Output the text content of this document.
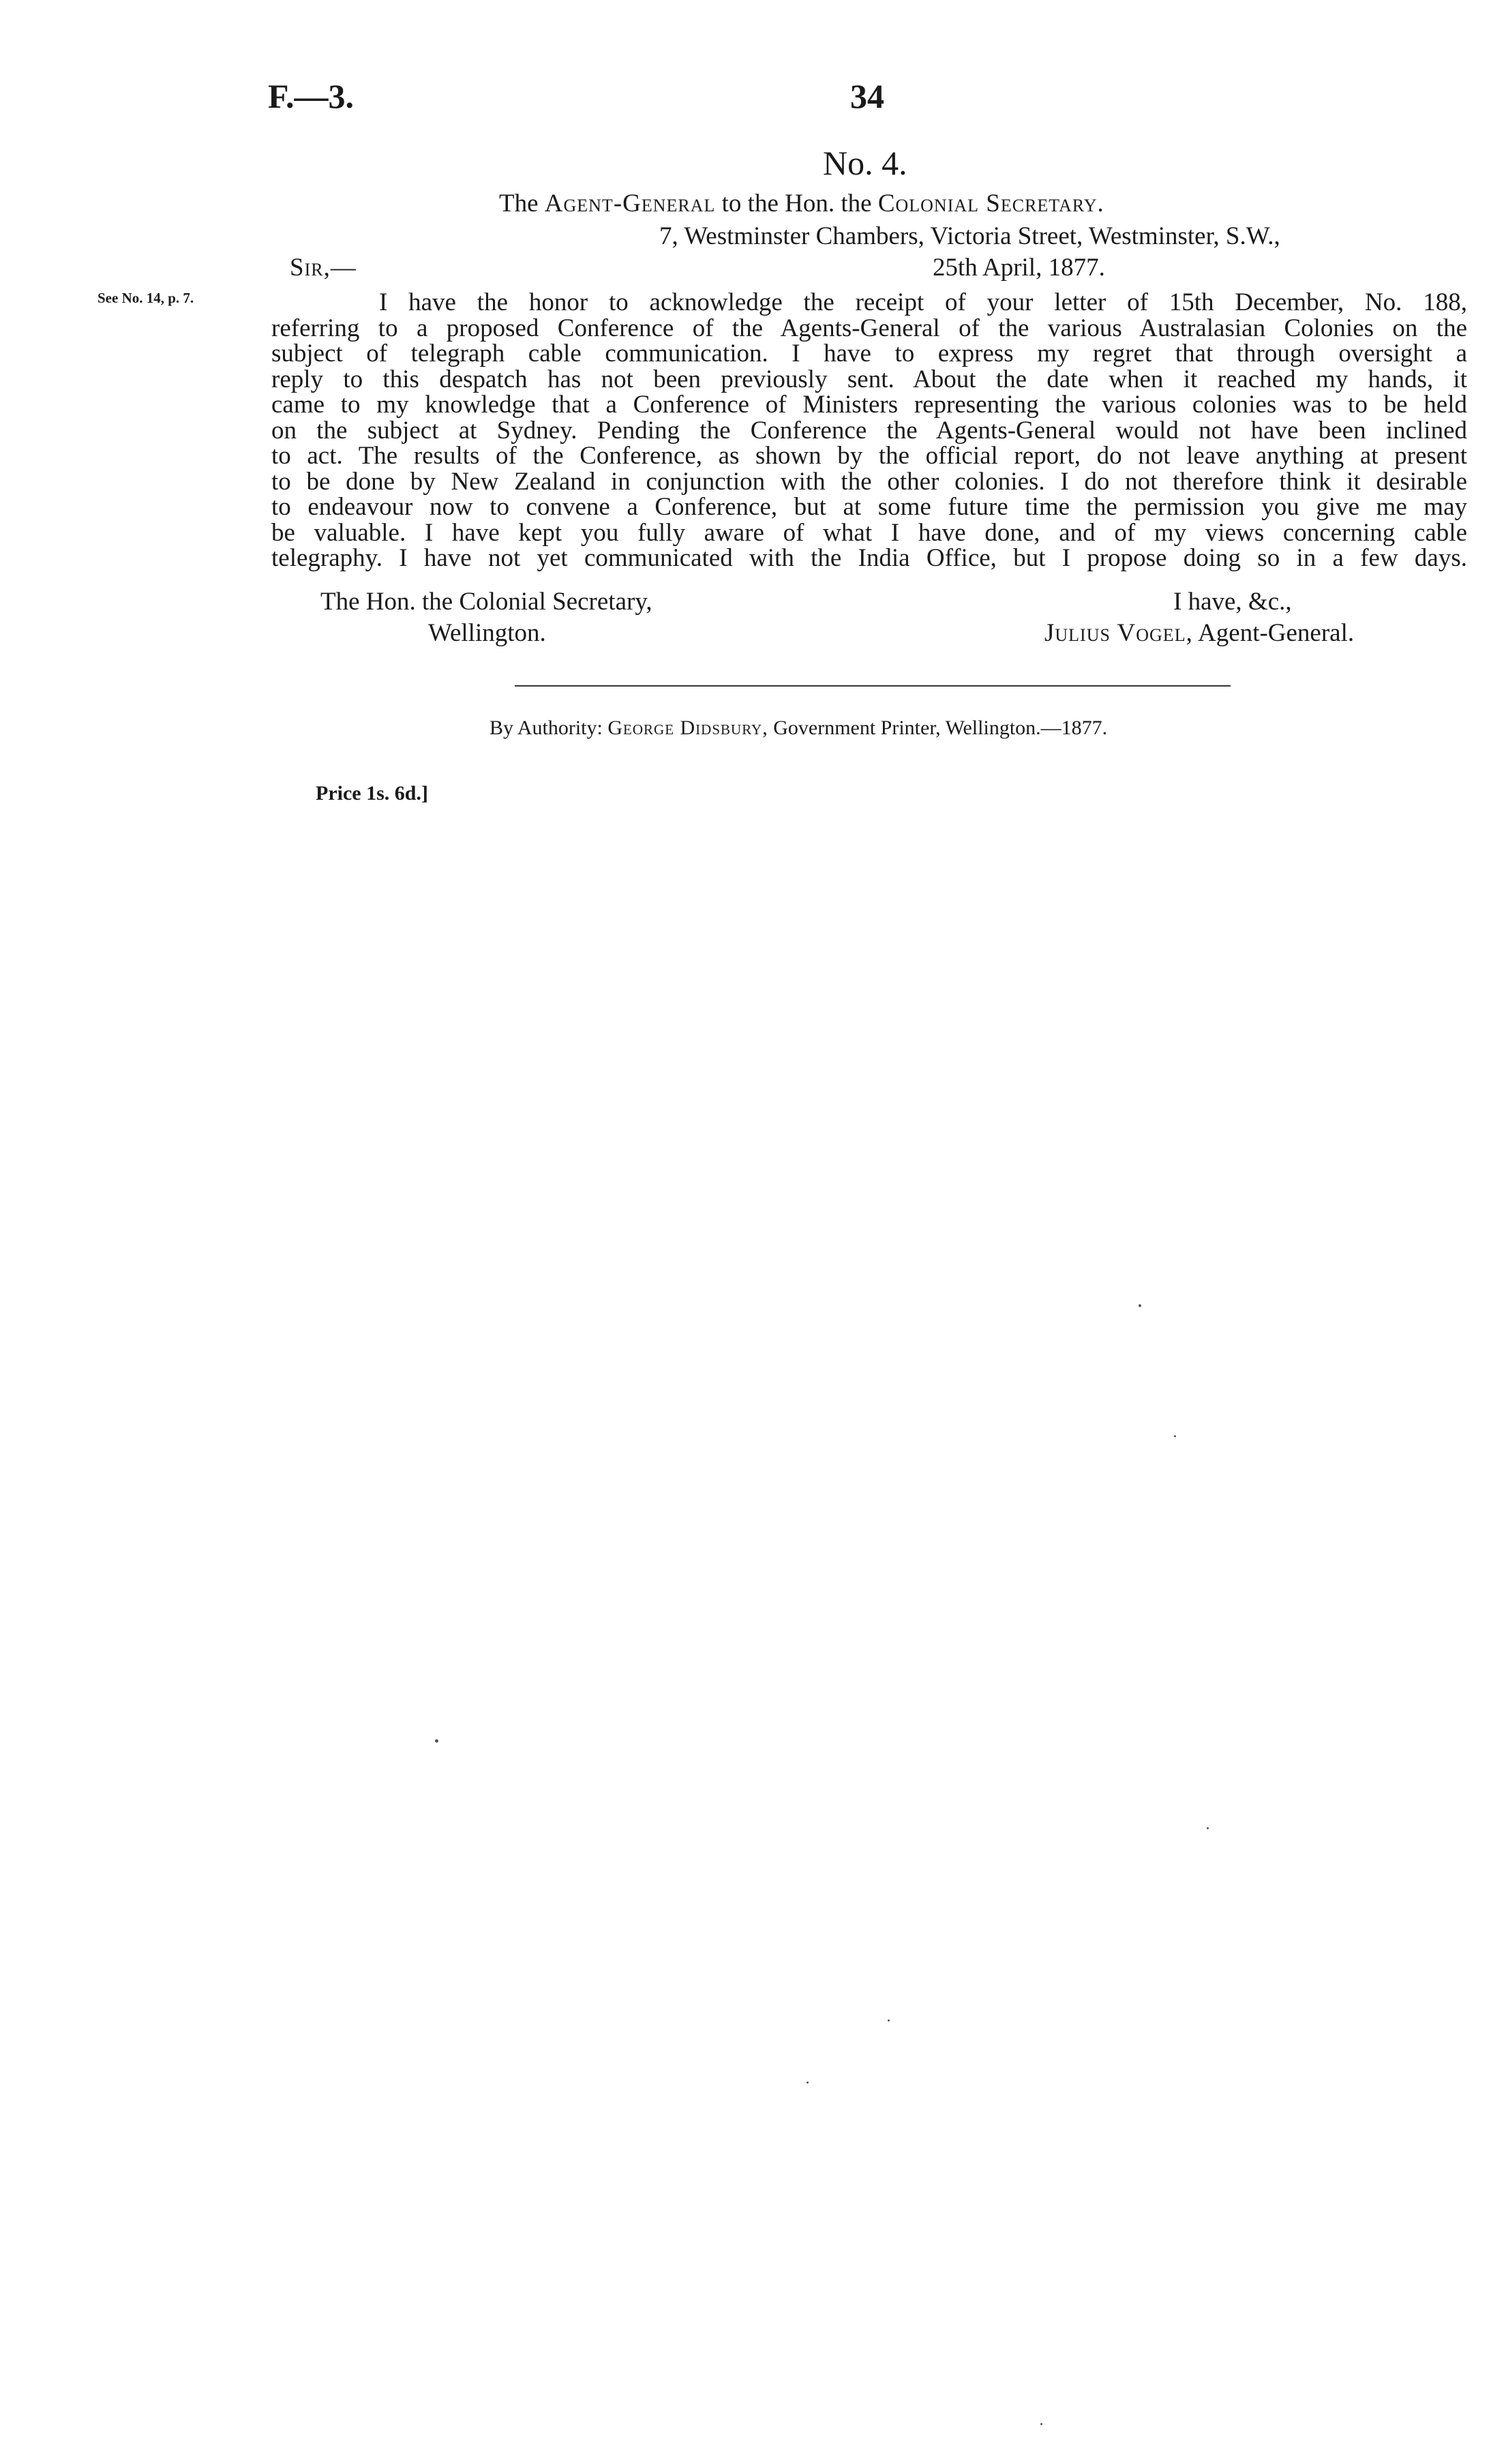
F.—3.	34
No. 4.
The Agent-General to the Hon. the Colonial Secretary.
7, Westminster Chambers, Victoria Street, Westminster, S.W.,
Sir,—	25th April, 1877.
See No. 14, p. 7.	I have the honor to acknowledge the receipt of your letter of 15th December, No. 188,
referring to a proposed Conference of the Agents-General of the various Australasian Colonies on the
subject of telegraph cable communication. I have to express my regret that through oversight a
reply to this despatch has not been previously sent. About the date when it reached my hands, it
came to my knowledge that a Conference of Ministers representing the various colonies was to be held
on the subject at Sydney. Pending the Conference the Agents-General would not have been inclined
to act. The results of the Conference, as shown by the official report, do not leave anything at present
to be done by New Zealand in conjunction with the other colonies. I do not therefore think it desirable
to endeavour now to convene a Conference, but at some future time the permission you give me may
be valuable. I have kept you fully aware of what I have done, and of my views concerning cable
telegraphy. I have not yet communicated with the India Office, but I propose doing so in a few days.
The Hon. the Colonial Secretary,
Wellington.
I have, &c.,
Julius Vogel, Agent-General.
By Authority: George Didsbury, Government Printer, Wellington.—1877.
Price 1s. 6d.]
